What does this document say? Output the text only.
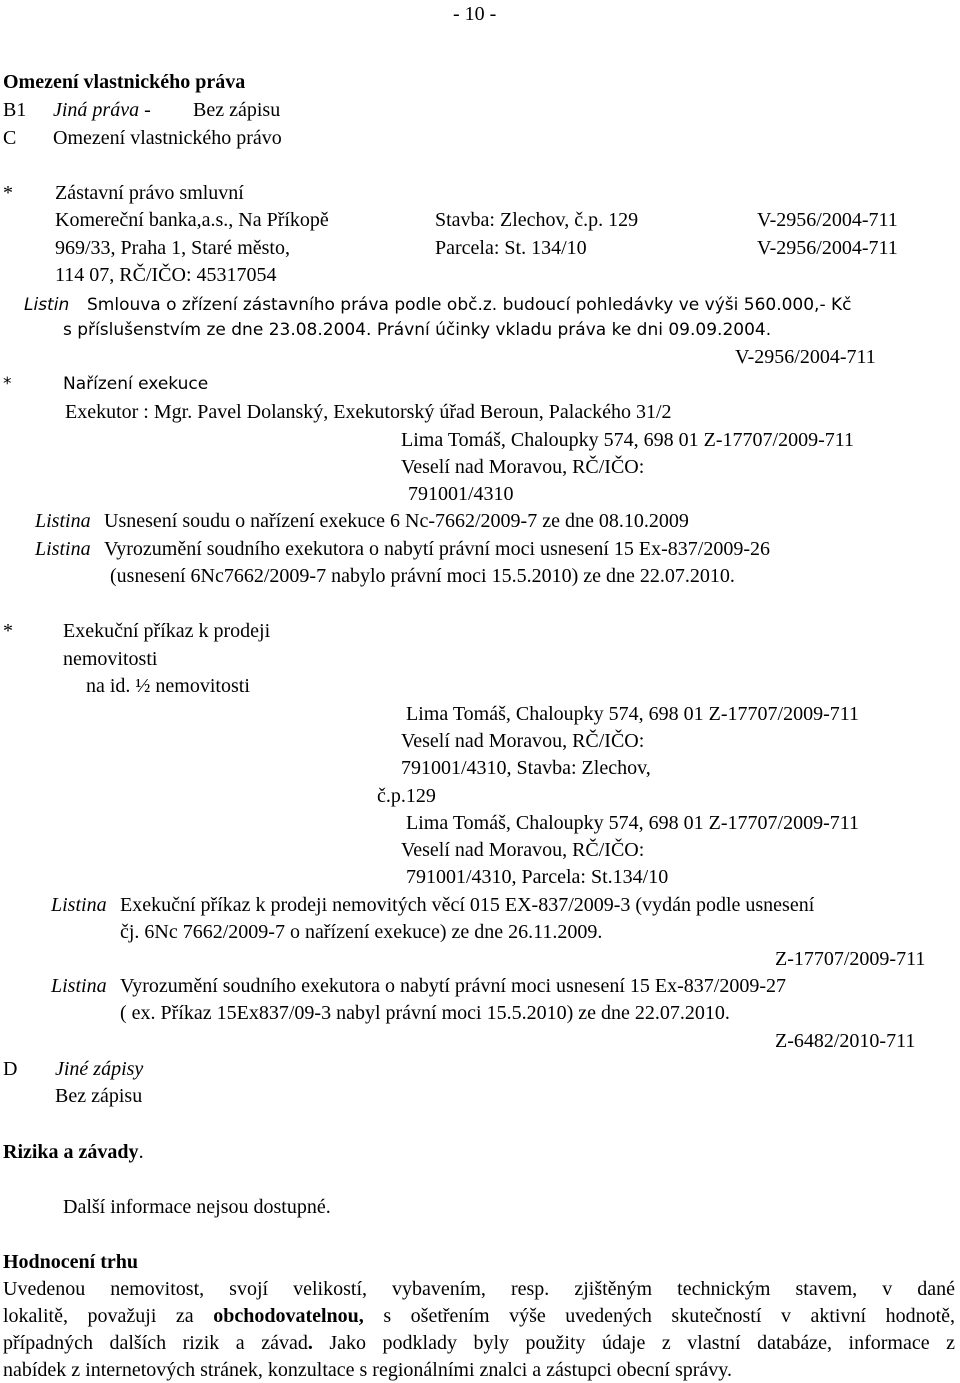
- 10 -
Omezení vlastnického práva
B1 Jiná práva - Bez zápisu
C Omezení vlastnického právo
* Zástavní právo smluvní
Komereční banka,a.s., Na Příkopě	Stavba: Zlechov, č.p. 129	V-2956/2004-711
969/33, Praha 1, Staré město,	Parcela: St. 134/10	V-2956/2004-711
114 07, RČ/IČO: 45317054
Listin Smlouva o zřízení zástavního práva podle obč.z. budoucí pohledávky ve výši 560.000,- Kč
s příslušenstvím ze dne 23.08.2004. Právní účinky vkladu práva ke dni 09.09.2004.
V-2956/2004-711
*	Nařízení exekuce
Exekutor : Mgr. Pavel Dolanský, Exekutorský úřad Beroun, Palackého 31/2
Lima Tomáš, Chaloupky 574, 698 01 Z-17707/2009-711
Veselí nad Moravou, RČ/IČO:
791001/4310
Listina Usnesení soudu o nařízení exekuce 6 Nc-7662/2009-7 ze dne 08.10.2009
Listina Vyrozumění soudního exekutora o nabytí právní moci usnesení 15 Ex-837/2009-26
(usnesení 6Nc7662/2009-7 nabylo právní moci 15.5.2010) ze dne 22.07.2010.
*	Exekuční příkaz k prodeji
nemovitosti
na id. ½ nemovitosti
Lima Tomáš, Chaloupky 574, 698 01 Z-17707/2009-711
Veselí nad Moravou, RČ/IČO:
791001/4310, Stavba: Zlechov,
č.p.129
Lima Tomáš, Chaloupky 574, 698 01 Z-17707/2009-711
Veselí nad Moravou, RČ/IČO:
791001/4310, Parcela: St.134/10
Listina Exekuční příkaz k prodeji nemovitých věcí 015 EX-837/2009-3 (vydán podle usnesení
čj. 6Nc 7662/2009-7 o nařízení exekuce) ze dne 26.11.2009.
Z-17707/2009-711
Listina Vyrozumění soudního exekutora o nabytí právní moci usnesení 15 Ex-837/2009-27
( ex. Příkaz 15Ex837/09-3 nabyl právní moci 15.5.2010) ze dne 22.07.2010.
Z-6482/2010-711
D Jiné zápisy
Bez zápisu
Rizika a závady.
Další informace nejsou dostupné.
Hodnocení trhu
Uvedenou nemovitost, svojí velikostí, vybavením, resp. zjištěným technickým stavem, v dané
lokalitě, považuji za obchodovatelnou, s ošetřením výše uvedených skutečností v aktivní hodnotě,
případných dalších rizik a závad. Jako podklady byly použity údaje z vlastní databáze, informace z
nabídek z internetových stránek, konzultace s regionálními znalci a zástupci obecní správy.
